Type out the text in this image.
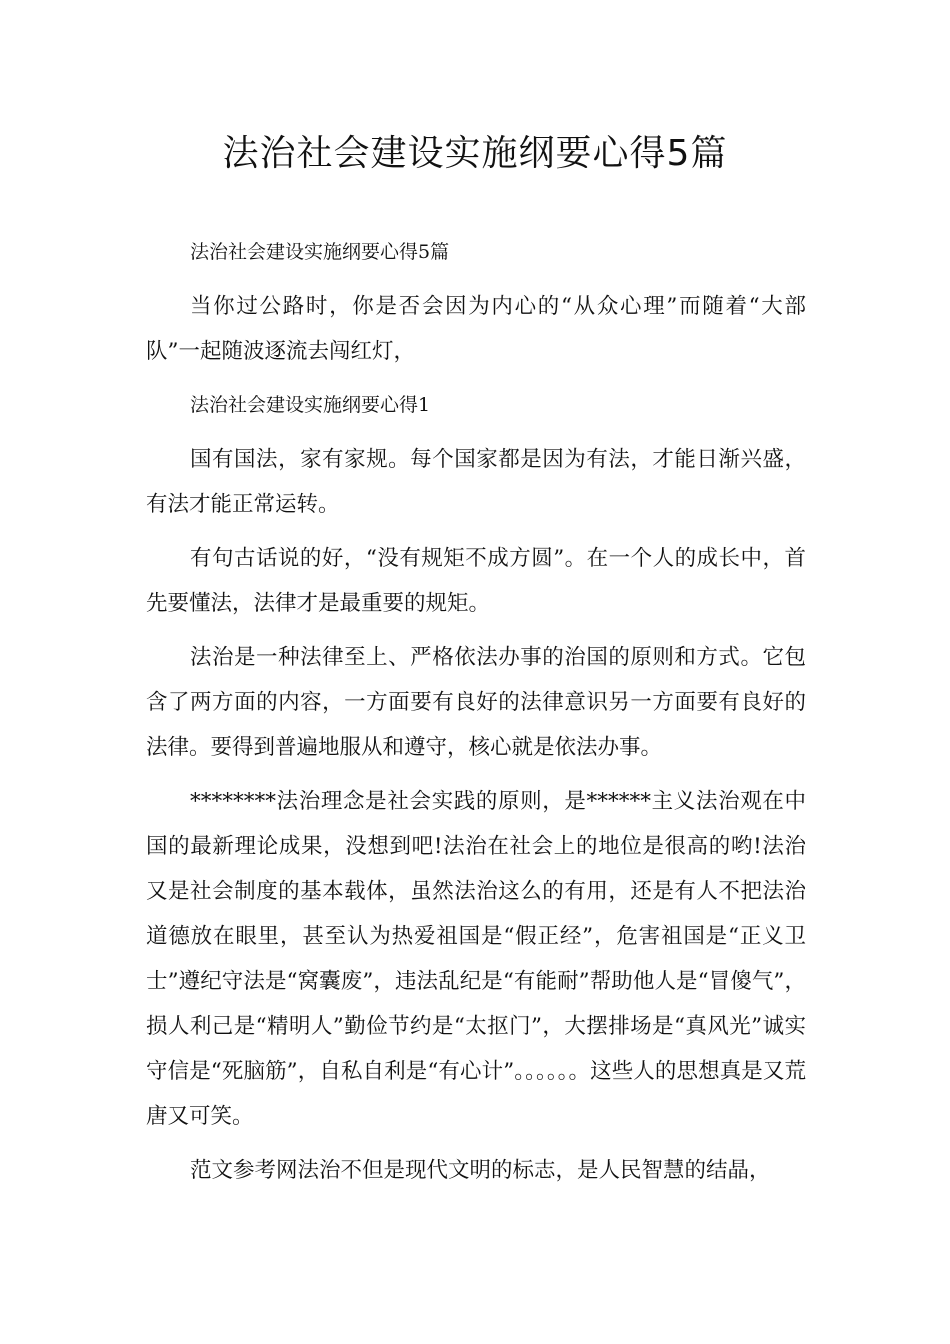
法治社会建设实施纲要心得5篇

法治社会建设实施纲要心得5篇

当你过公路时，你是否会因为内心的“从众心理”而随着“大部队”一起随波逐流去闯红灯，

法治社会建设实施纲要心得1

国有国法，家有家规。每个国家都是因为有法，才能日渐兴盛，有法才能正常运转。

有句古话说的好，“没有规矩不成方圆”。在一个人的成长中，首先要懂法，法律才是最重要的规矩。

法治是一种法律至上、严格依法办事的治国的原则和方式。它包含了两方面的内容，一方面要有良好的法律意识另一方面要有良好的法律。要得到普遍地服从和遵守，核心就是依法办事。

********法治理念是社会实践的原则，是******主义法治观在中国的最新理论成果，没想到吧!法治在社会上的地位是很高的哟!法治又是社会制度的基本载体，虽然法治这么的有用，还是有人不把法治道德放在眼里，甚至认为热爱祖国是“假正经”，危害祖国是“正义卫士”遵纪守法是“窝囊废”，违法乱纪是“有能耐”帮助他人是“冒傻气”，损人利己是“精明人”勤俭节约是“太抠门”，大摆排场是“真风光”诚实守信是“死脑筋”，自私自利是“有心计”。。。。。。这些人的思想真是又荒唐又可笑。

范文参考网法治不但是现代文明的标志，是人民智慧的结晶，
